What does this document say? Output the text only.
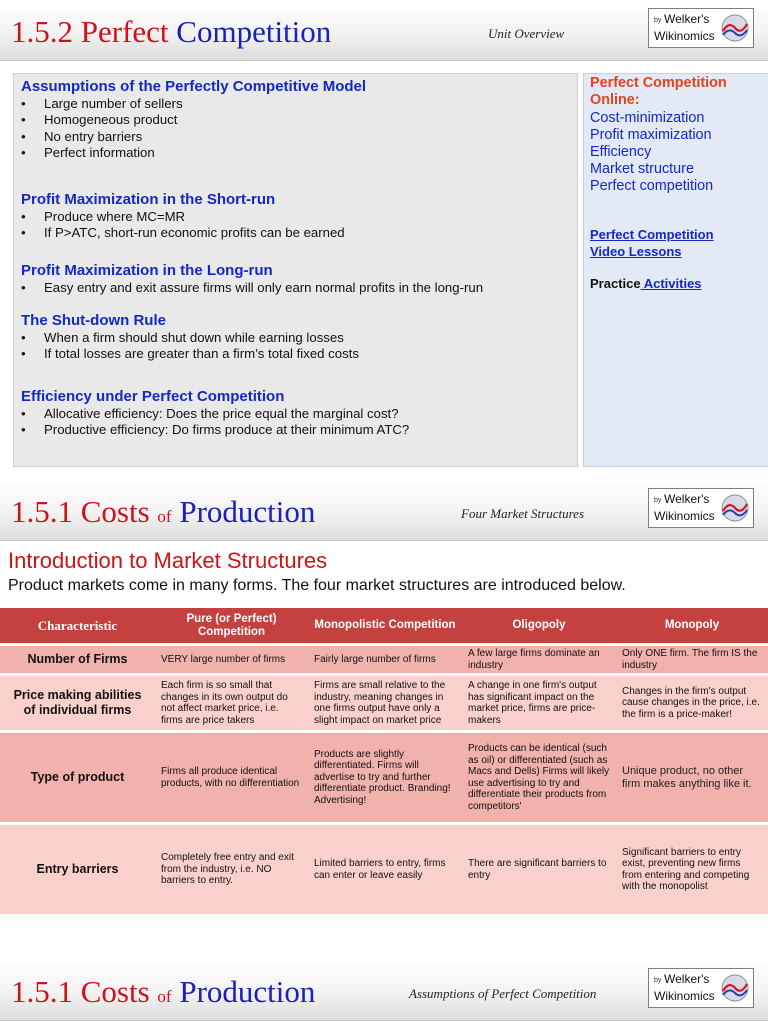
1.5.2 Perfect Competition	Unit Overview
by Welker's
Wikinomics
Assumptions of the Perfectly Competitive Model
• Large number of sellers
• Homogeneous product
• No entry barriers
• Perfect information
Profit Maximization in the Short-run
• Produce where MC=MR
• If P>ATC, short-run economic profits can be earned
Profit Maximization in the Long-run
• Easy entry and exit assure firms will only earn normal profits in the long-run
The Shut-down Rule
• When a firm should shut down while earning losses
• If total losses are greater than a firm’s total fixed costs
Efficiency under Perfect Competition
• Allocative efficiency: Does the price equal the marginal cost?
• Productive efficiency: Do firms produce at their minimum ATC?
Perfect Competition
Online:
Cost-minimization
Profit maximization
Efficiency
Market structure
Perfect competition
Perfect Competition
Video Lessons
Practice Activities
1.5.1 Costs of Production	Four Market Structures
by Welker's
Wikinomics
Introduction to Market Structures
Product markets come in many forms. The four market structures are introduced below.
Characteristic	Pure (or Perfect) Competition	Monopolistic Competition	Oligopoly	Monopoly
Number of Firms	VERY large number of firms	Fairly large number of firms	A few large firms dominate an industry	Only ONE firm. The firm IS the industry
Price making abilities of individual firms	Each firm is so small that changes in its own output do not affect market price, i.e. firms are price takers	Firms are small relative to the industry, meaning changes in one firms output have only a slight impact on market price	A change in one firm's output has significant impact on the market price, firms are price-makers	Changes in the firm's output cause changes in the price, i.e. the firm is a price-maker!
Type of product	Firms all produce identical products, with no differentiation	Products are slightly differentiated. Firms will advertise to try and further differentiate product. Branding! Advertising!	Products can be identical (such as oil) or differentiated (such as Macs and Dells) Firms will likely use advertising to try and differentiate their products from competitors'	Unique product, no other firm makes anything like it.
Entry barriers	Completely free entry and exit from the industry, i.e. NO barriers to entry.	Limited barriers to entry, firms can enter or leave easily	There are significant barriers to entry	Significant barriers to entry exist, preventing new firms from entering and competing with the monopolist
1.5.1 Costs of Production	Assumptions of Perfect Competition
by Welker's
Wikinomics
